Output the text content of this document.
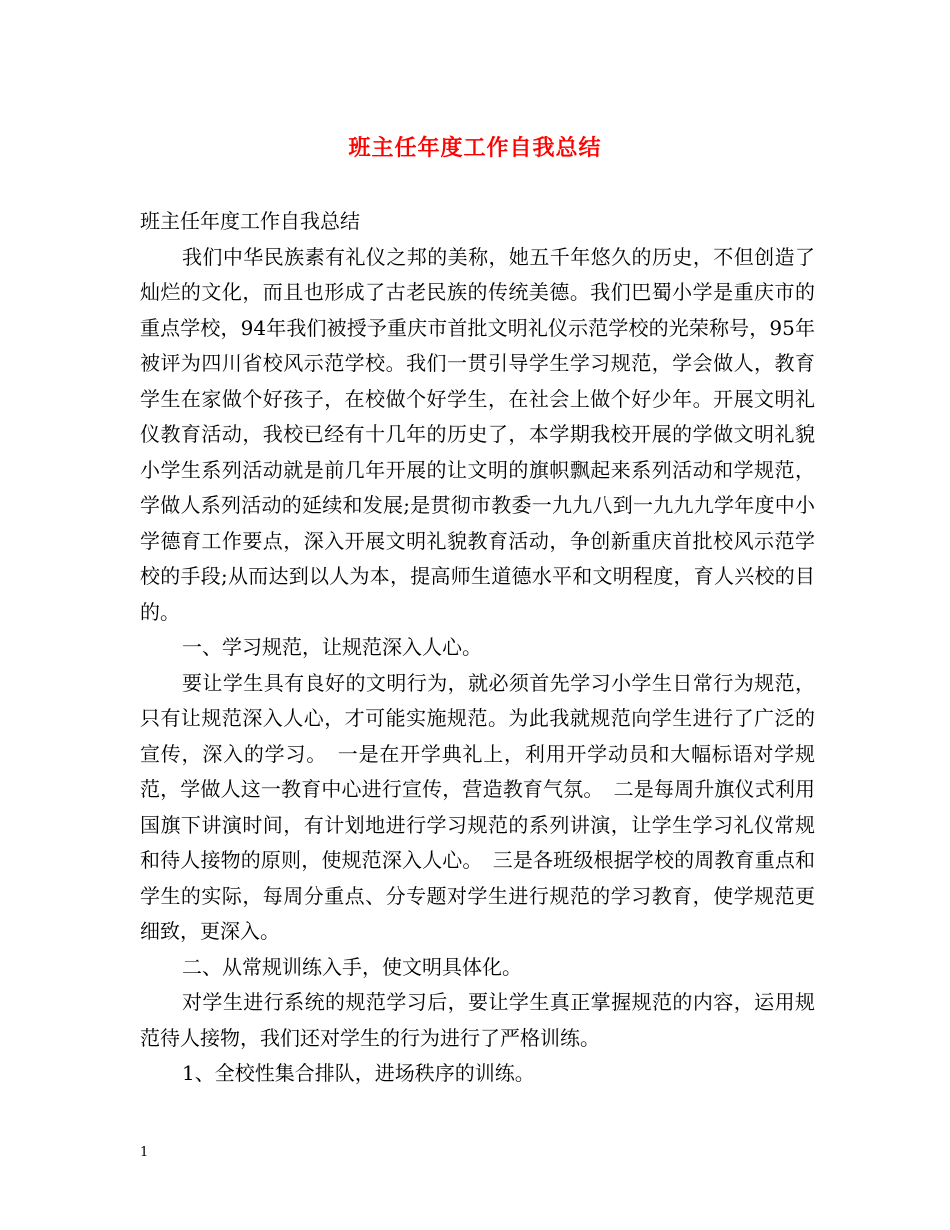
班主任年度工作自我总结

班主任年度工作自我总结

我们中华民族素有礼仪之邦的美称，她五千年悠久的历史，不但创造了灿烂的文化，而且也形成了古老民族的传统美德。我们巴蜀小学是重庆市的重点学校，94年我们被授予重庆市首批文明礼仪示范学校的光荣称号，95年被评为四川省校风示范学校。我们一贯引导学生学习规范，学会做人，教育学生在家做个好孩子，在校做个好学生，在社会上做个好少年。开展文明礼仪教育活动，我校已经有十几年的历史了，本学期我校开展的学做文明礼貌小学生系列活动就是前几年开展的让文明的旗帜飘起来系列活动和学规范，学做人系列活动的延续和发展;是贯彻市教委一九九八到一九九九学年度中小学德育工作要点，深入开展文明礼貌教育活动，争创新重庆首批校风示范学校的手段;从而达到以人为本，提高师生道德水平和文明程度，育人兴校的目的。

一、学习规范，让规范深入人心。

要让学生具有良好的文明行为，就必须首先学习小学生日常行为规范，只有让规范深入人心，才可能实施规范。为此我就规范向学生进行了广泛的宣传，深入的学习。　一是在开学典礼上，利用开学动员和大幅标语对学规范，学做人这一教育中心进行宣传，营造教育气氛。　二是每周升旗仪式利用国旗下讲演时间，有计划地进行学习规范的系列讲演，让学生学习礼仪常规和待人接物的原则，使规范深入人心。　三是各班级根据学校的周教育重点和学生的实际，每周分重点、分专题对学生进行规范的学习教育，使学规范更细致，更深入。

二、从常规训练入手，使文明具体化。

对学生进行系统的规范学习后，要让学生真正掌握规范的内容，运用规范待人接物，我们还对学生的行为进行了严格训练。

1、全校性集合排队，进场秩序的训练。

1
